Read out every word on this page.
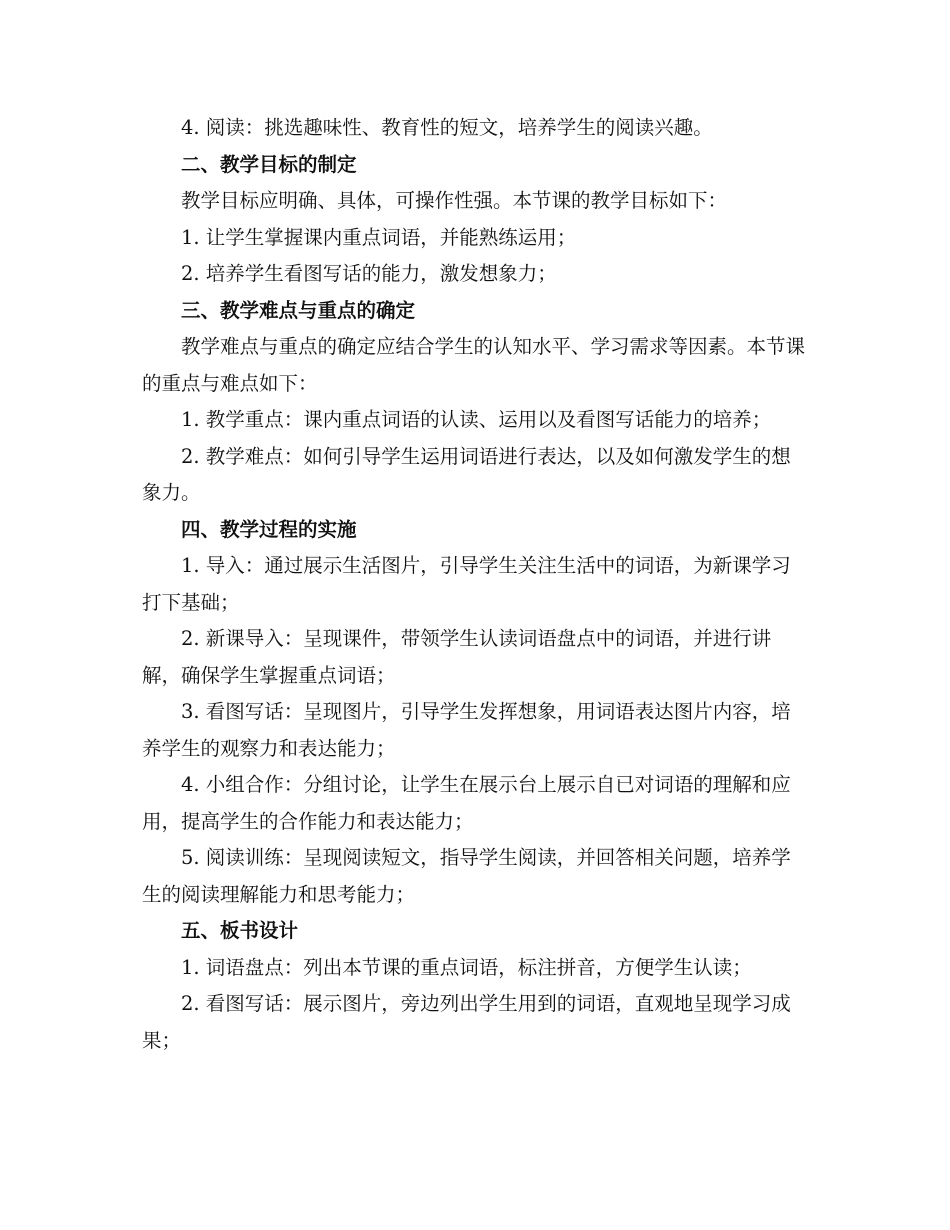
4. 阅读：挑选趣味性、教育性的短文，培养学生的阅读兴趣。

二、教学目标的制定

教学目标应明确、具体，可操作性强。本节课的教学目标如下：

1. 让学生掌握课内重点词语，并能熟练运用；

2. 培养学生看图写话的能力，激发想象力；

三、教学难点与重点的确定

教学难点与重点的确定应结合学生的认知水平、学习需求等因素。本节课的重点与难点如下：

1. 教学重点：课内重点词语的认读、运用以及看图写话能力的培养；

2. 教学难点：如何引导学生运用词语进行表达，以及如何激发学生的想象力。

四、教学过程的实施

1. 导入：通过展示生活图片，引导学生关注生活中的词语，为新课学习打下基础；

2. 新课导入：呈现课件，带领学生认读词语盘点中的词语，并进行讲解，确保学生掌握重点词语；

3. 看图写话：呈现图片，引导学生发挥想象，用词语表达图片内容，培养学生的观察力和表达能力；

4. 小组合作：分组讨论，让学生在展示台上展示自已对词语的理解和应用，提高学生的合作能力和表达能力；

5. 阅读训练：呈现阅读短文，指导学生阅读，并回答相关问题，培养学生的阅读理解能力和思考能力；

五、板书设计

1. 词语盘点：列出本节课的重点词语，标注拼音，方便学生认读；

2. 看图写话：展示图片，旁边列出学生用到的词语，直观地呈现学习成果；
